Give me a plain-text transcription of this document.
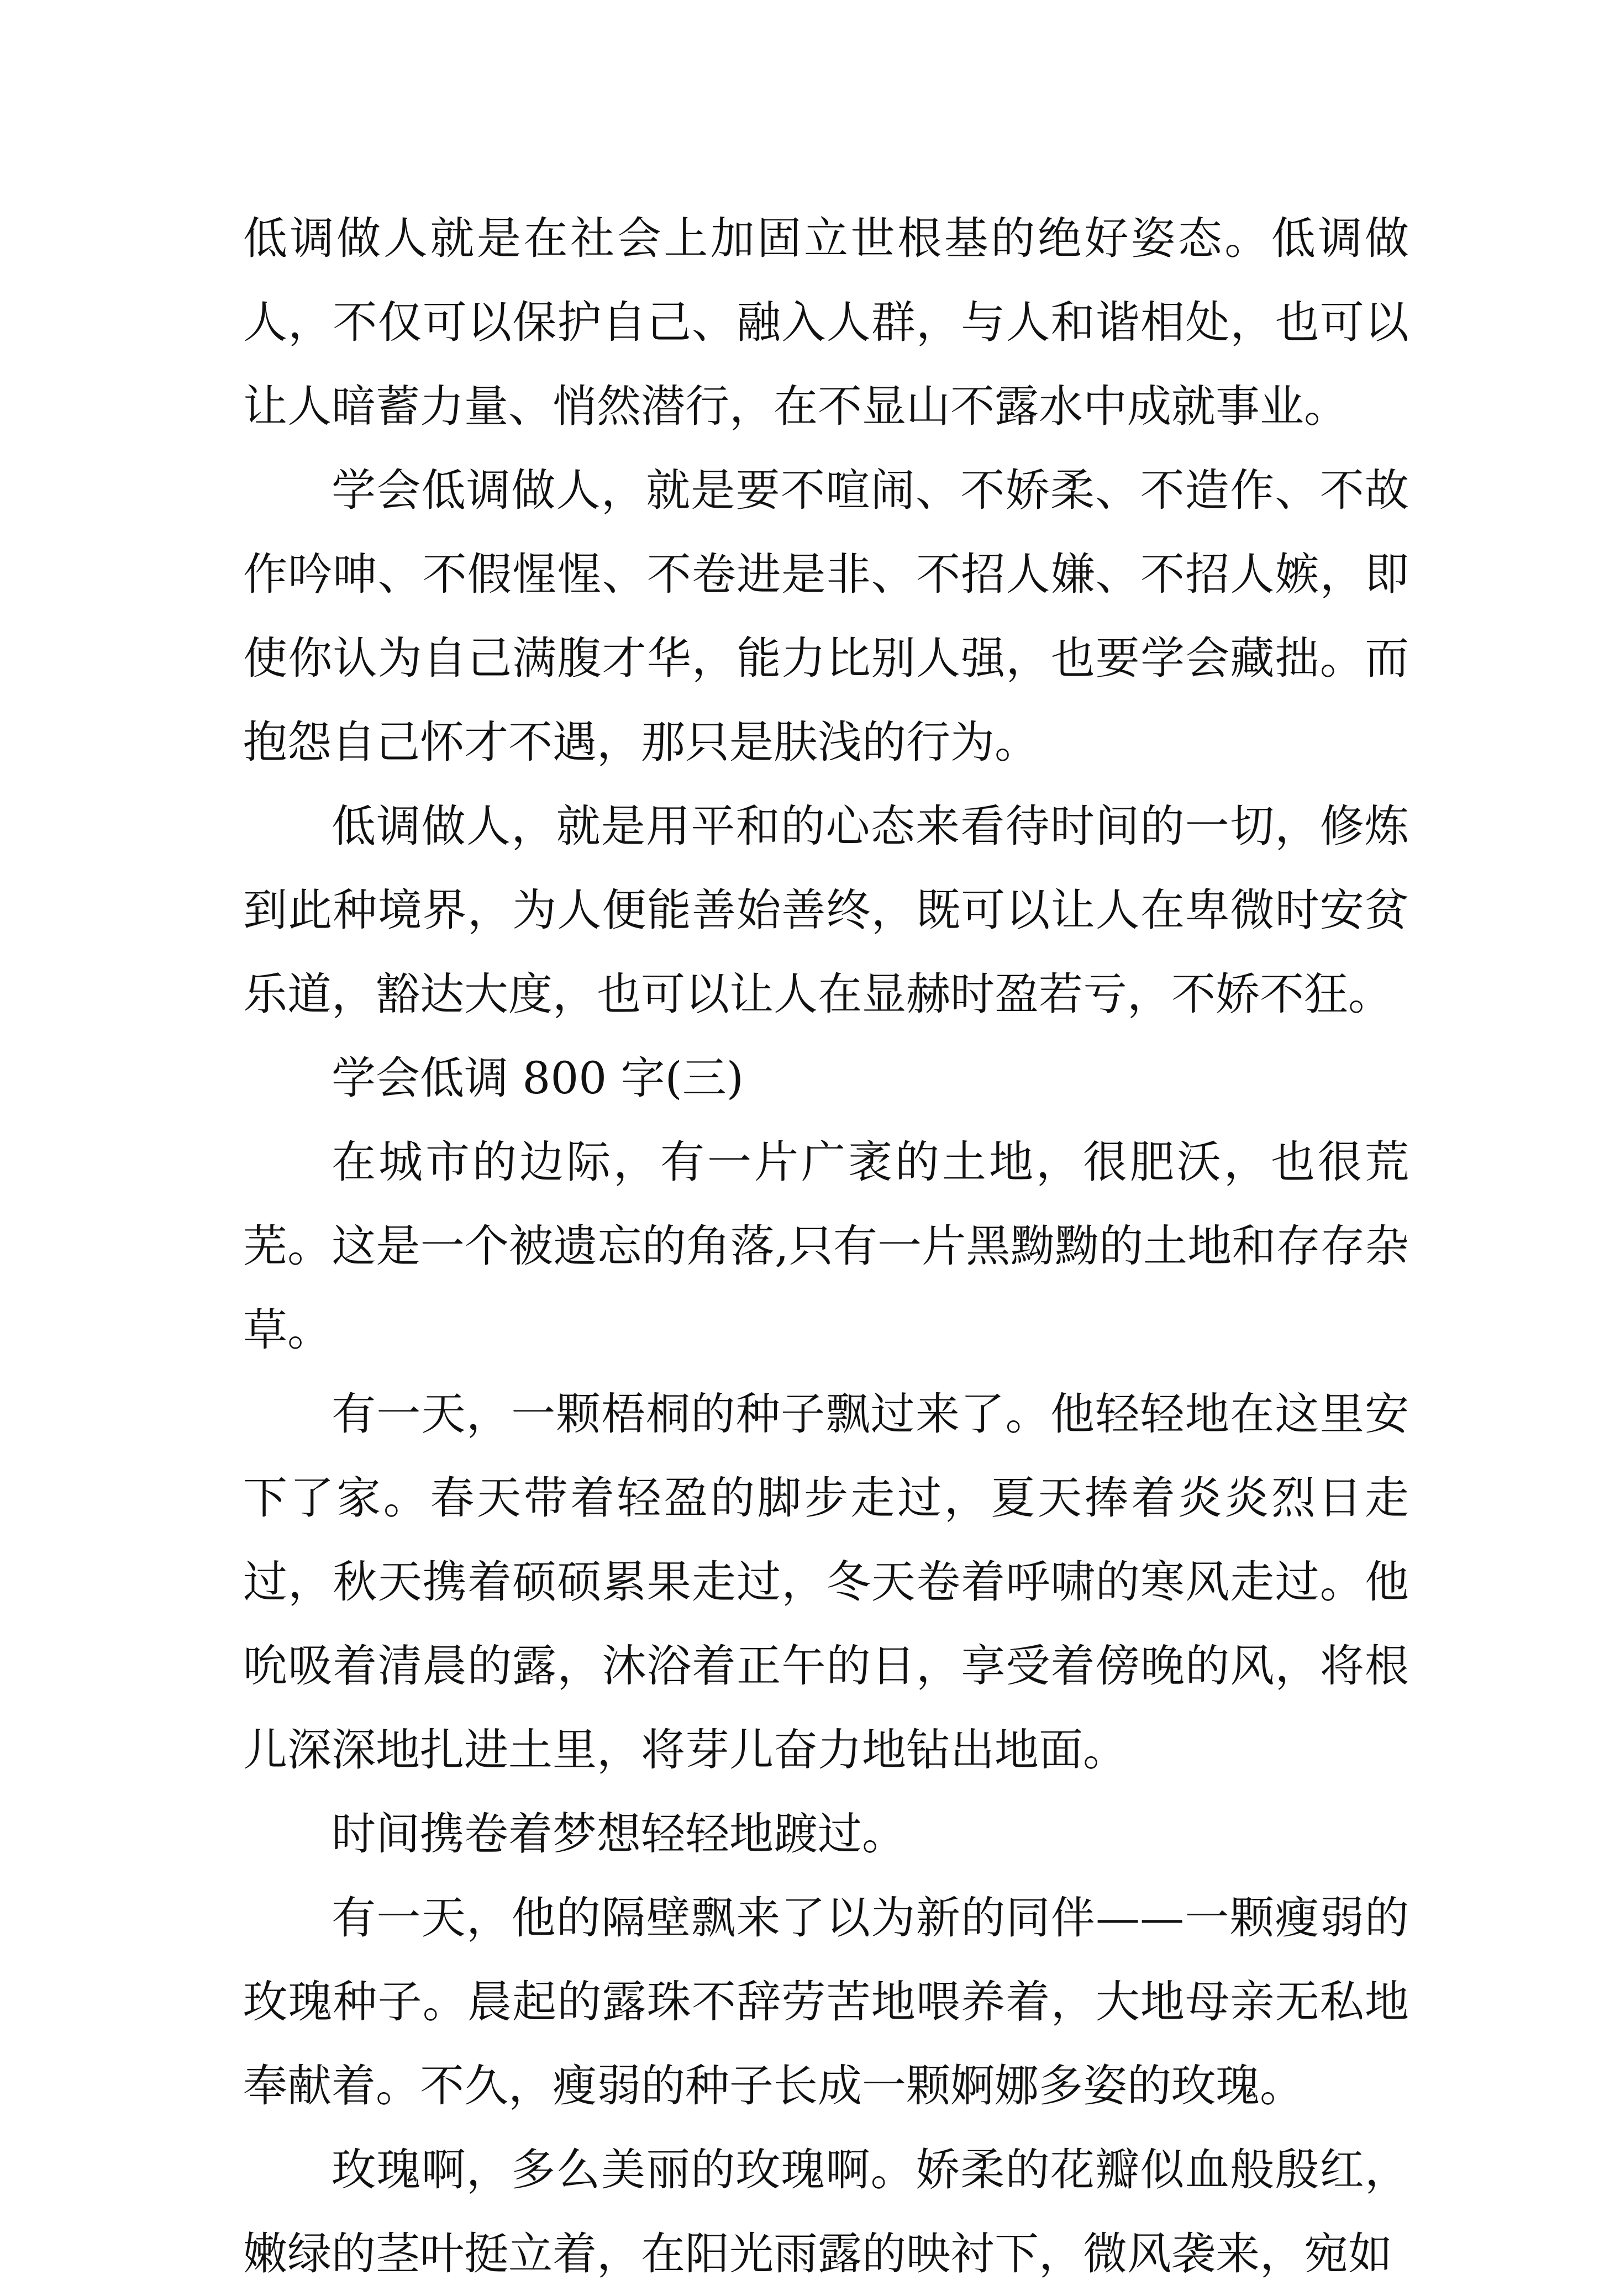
低调做人就是在社会上加固立世根基的绝好姿态。低调做人，不仅可以保护自己、融入人群，与人和谐相处，也可以让人暗蓄力量、悄然潜行，在不显山不露水中成就事业。

学会低调做人，就是要不喧闹、不娇柔、不造作、不故作吟呻、不假惺惺、不卷进是非、不招人嫌、不招人嫉，即使你认为自己满腹才华，能力比别人强，也要学会藏拙。而抱怨自己怀才不遇，那只是肤浅的行为。

低调做人，就是用平和的心态来看待时间的一切，修炼到此种境界，为人便能善始善终，既可以让人在卑微时安贫乐道，豁达大度，也可以让人在显赫时盈若亏，不娇不狂。

学会低调 800 字(三)

在城市的边际，有一片广袤的土地，很肥沃，也很荒芜。这是一个被遗忘的角落,只有一片黑黝黝的土地和存存杂草。

有一天，一颗梧桐的种子飘过来了。他轻轻地在这里安下了家。春天带着轻盈的脚步走过，夏天捧着炎炎烈日走过，秋天携着硕硕累果走过，冬天卷着呼啸的寒风走过。他吮吸着清晨的露，沐浴着正午的日，享受着傍晚的风，将根儿深深地扎进土里，将芽儿奋力地钻出地面。

时间携卷着梦想轻轻地踱过。

有一天，他的隔壁飘来了以为新的同伴——一颗瘦弱的玫瑰种子。晨起的露珠不辞劳苦地喂养着，大地母亲无私地奉献着。不久，瘦弱的种子长成一颗婀娜多姿的玫瑰。

玫瑰啊，多么美丽的玫瑰啊。娇柔的花瓣似血般殷红，嫩绿的茎叶挺立着，在阳光雨露的映衬下，微风袭来，宛如
